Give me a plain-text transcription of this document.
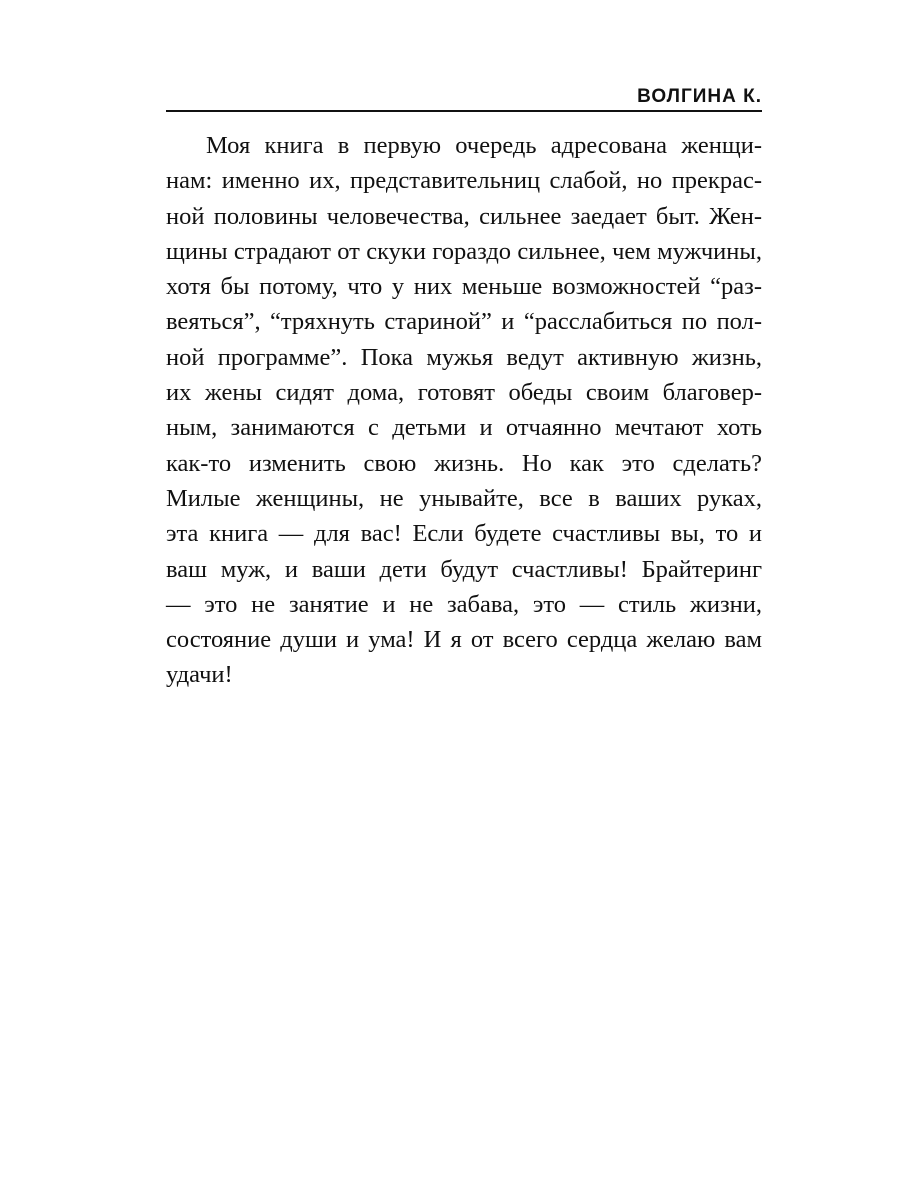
ВОЛГИНА К.
Моя книга в первую очередь адресована женщи-
нам: именно их, представительниц слабой, но прекрас-
ной половины человечества, сильнее заедает быт. Жен-
щины страдают от скуки гораздо сильнее, чем мужчины,
хотя бы потому, что у них меньше возможностей “раз-
веяться”, “тряхнуть стариной” и “расслабиться по пол-
ной программе”. Пока мужья ведут активную жизнь,
их жены сидят дома, готовят обеды своим благовер-
ным, занимаются с детьми и отчаянно мечтают хоть
как-то изменить свою жизнь. Но как это сделать?
Милые женщины, не унывайте, все в ваших руках,
эта книга — для вас! Если будете счастливы вы, то и
ваш муж, и ваши дети будут счастливы! Брайтеринг
— это не занятие и не забава, это — стиль жизни,
состояние души и ума! И я от всего сердца желаю вам
удачи!
